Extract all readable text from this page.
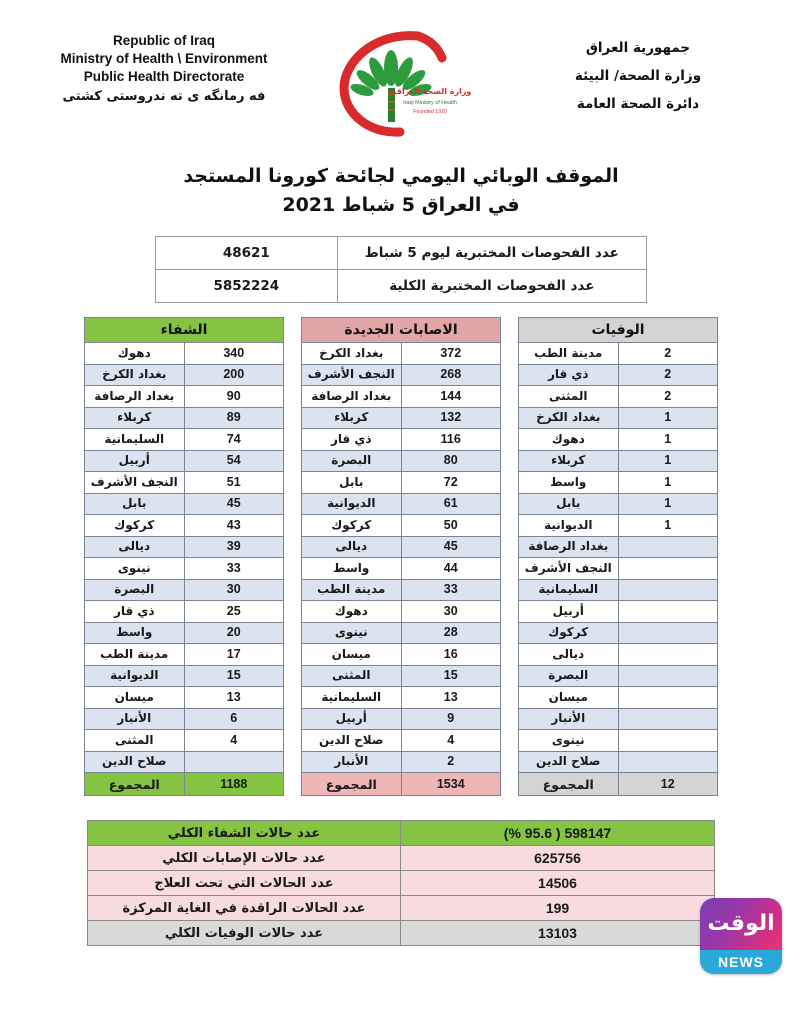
Republic of Iraq
Ministry of Health \ Environment
Public Health Directorate
فه رمانگه ى ته ندروستى كشتى	وزارة الصحة العراقية
Iraqi Ministry of Health
Founded 1920
جمهورية العراق
وزارة الصحة/ البيئة
دائرة الصحة العامة
الموقف الوبائي اليومي لجائحة كورونا المستجد
في العراق 5 شباط 2021
عدد الفحوصات المختبرية ليوم 5 شباط	48621
عدد الفحوصات المختبرية الكلية	5852224
الوفيات	
2	مدينة الطب
2	ذي قار
2	المثنى
1	بغداد الكرخ
1	دهوك
1	كربلاء
1	واسط
1	بابل
1	الديوانية
	بغداد الرصافة
	النجف الأشرف
	السليمانية
	أربيل
	كركوك
	ديالى
	البصرة
	ميسان
	الأنبار
	نينوى
	صلاح الدين
12	المجموع
الاصابات الجديدة	
372	بغداد الكرخ
268	النجف الأشرف
144	بغداد الرصافة
132	كربلاء
116	ذي قار
80	البصرة
72	بابل
61	الديوانية
50	كركوك
45	ديالى
44	واسط
33	مدينة الطب
30	دهوك
28	نينوى
16	ميسان
15	المثنى
13	السليمانية
9	أربيل
4	صلاح الدين
2	الأنبار
1534	المجموع
الشفاء	
340	دهوك
200	بغداد الكرخ
90	بغداد الرصافة
89	كربلاء
74	السليمانية
54	أربيل
51	النجف الأشرف
45	بابل
43	كركوك
39	ديالى
33	نينوى
30	البصرة
25	ذي قار
20	واسط
17	مدينة الطب
15	الديوانية
13	ميسان
6	الأنبار
4	المثنى
	صلاح الدين
1188	المجموع
598147 ( 95.6 %)	عدد حالات الشفاء الكلي
625756	عدد حالات الإصابات الكلي
14506	عدد الحالات التي تحت العلاج
199	عدد الحالات الراقدة في الغاية المركزة
13103	عدد حالات الوفيات الكلي	الوقت
NEWS
